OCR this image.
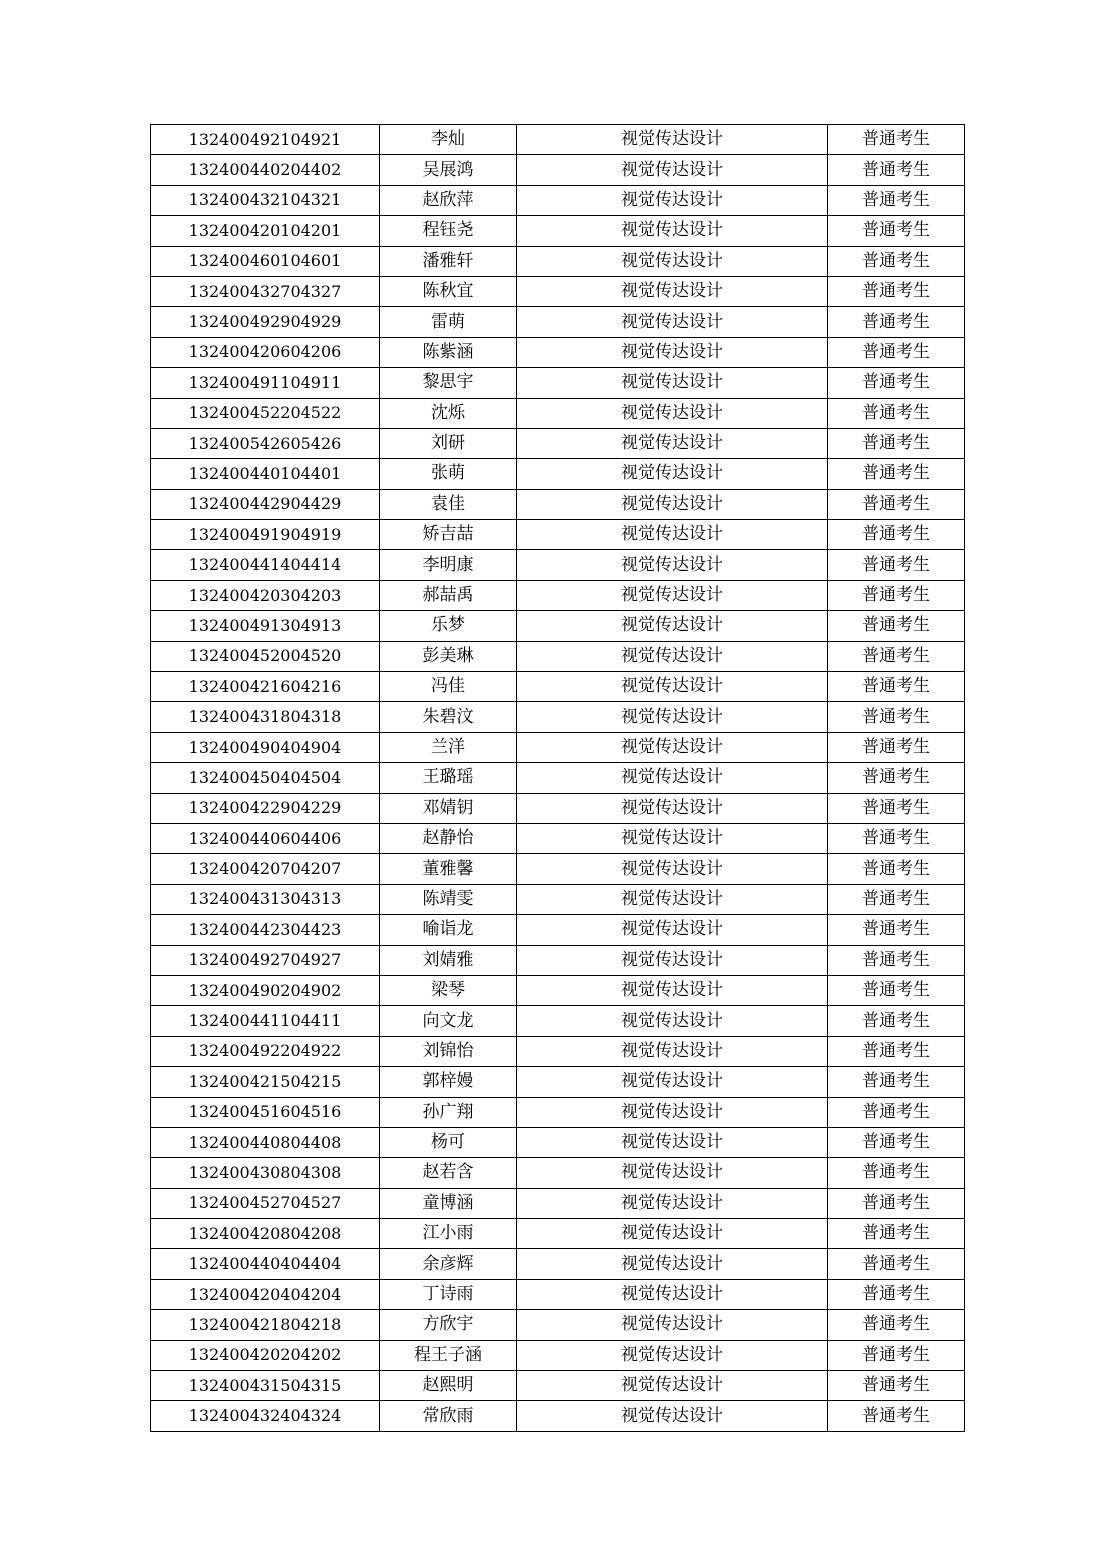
132400492104921	李灿	视觉传达设计	普通考生
132400440204402	吴展鸿	视觉传达设计	普通考生
132400432104321	赵欣萍	视觉传达设计	普通考生
132400420104201	程钰尧	视觉传达设计	普通考生
132400460104601	潘雅轩	视觉传达设计	普通考生
132400432704327	陈秋宜	视觉传达设计	普通考生
132400492904929	雷萌	视觉传达设计	普通考生
132400420604206	陈紫涵	视觉传达设计	普通考生
132400491104911	黎思宇	视觉传达设计	普通考生
132400452204522	沈烁	视觉传达设计	普通考生
132400542605426	刘研	视觉传达设计	普通考生
132400440104401	张萌	视觉传达设计	普通考生
132400442904429	袁佳	视觉传达设计	普通考生
132400491904919	矫吉喆	视觉传达设计	普通考生
132400441404414	李明康	视觉传达设计	普通考生
132400420304203	郝喆禹	视觉传达设计	普通考生
132400491304913	乐梦	视觉传达设计	普通考生
132400452004520	彭美琳	视觉传达设计	普通考生
132400421604216	冯佳	视觉传达设计	普通考生
132400431804318	朱碧汶	视觉传达设计	普通考生
132400490404904	兰洋	视觉传达设计	普通考生
132400450404504	王璐瑶	视觉传达设计	普通考生
132400422904229	邓婧钥	视觉传达设计	普通考生
132400440604406	赵静怡	视觉传达设计	普通考生
132400420704207	董雅馨	视觉传达设计	普通考生
132400431304313	陈靖雯	视觉传达设计	普通考生
132400442304423	喻诣龙	视觉传达设计	普通考生
132400492704927	刘婧雅	视觉传达设计	普通考生
132400490204902	梁琴	视觉传达设计	普通考生
132400441104411	向文龙	视觉传达设计	普通考生
132400492204922	刘锦怡	视觉传达设计	普通考生
132400421504215	郭梓嫚	视觉传达设计	普通考生
132400451604516	孙广翔	视觉传达设计	普通考生
132400440804408	杨可	视觉传达设计	普通考生
132400430804308	赵若含	视觉传达设计	普通考生
132400452704527	童博涵	视觉传达设计	普通考生
132400420804208	江小雨	视觉传达设计	普通考生
132400440404404	余彦辉	视觉传达设计	普通考生
132400420404204	丁诗雨	视觉传达设计	普通考生
132400421804218	方欣宇	视觉传达设计	普通考生
132400420204202	程王子涵	视觉传达设计	普通考生
132400431504315	赵熙明	视觉传达设计	普通考生
132400432404324	常欣雨	视觉传达设计	普通考生
